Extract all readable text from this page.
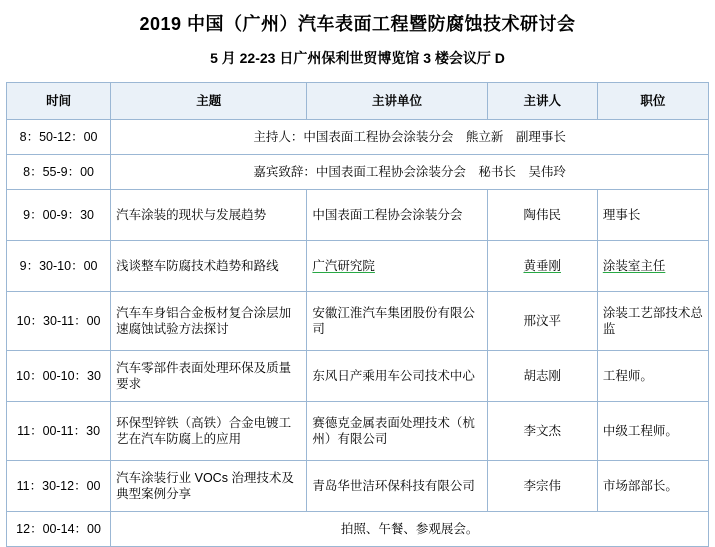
2019 中国（广州）汽车表面工程暨防腐蚀技术研讨会
5 月 22-23 日广州保利世贸博览馆 3 楼会议厅 D
时间	主题	主讲单位	主讲人	职位
8：50-12：00	主持人：中国表面工程协会涂装分会　熊立新　副理事长			
8：55-9：00	嘉宾致辞：中国表面工程协会涂装分会　秘书长　吴伟玲			
9：00-9：30	汽车涂装的现状与发展趋势	中国表面工程协会涂装分会	陶伟民	理事长
9：30-10：00	浅谈整车防腐技术趋势和路线	广汽研究院	黄垂刚	涂装室主任
10：30-11：00	汽车车身铝合金板材复合涂层加速腐蚀试验方法探讨	安徽江淮汽车集团股份有限公司	邢汶平	涂装工艺部技术总监
10：00-10：30	汽车零部件表面处理环保及质量要求	东风日产乘用车公司技术中心	胡志刚	工程师。
11：00-11：30	环保型锌铁（高铁）合金电镀工艺在汽车防腐上的应用	赛德克金属表面处理技术（杭州）有限公司	李文杰	中级工程师。
11：30-12：00	汽车涂装行业 VOCs 治理技术及典型案例分享	青岛华世洁环保科技有限公司	李宗伟	市场部部长。
12：00-14：00	拍照、午餐、参观展会。			
